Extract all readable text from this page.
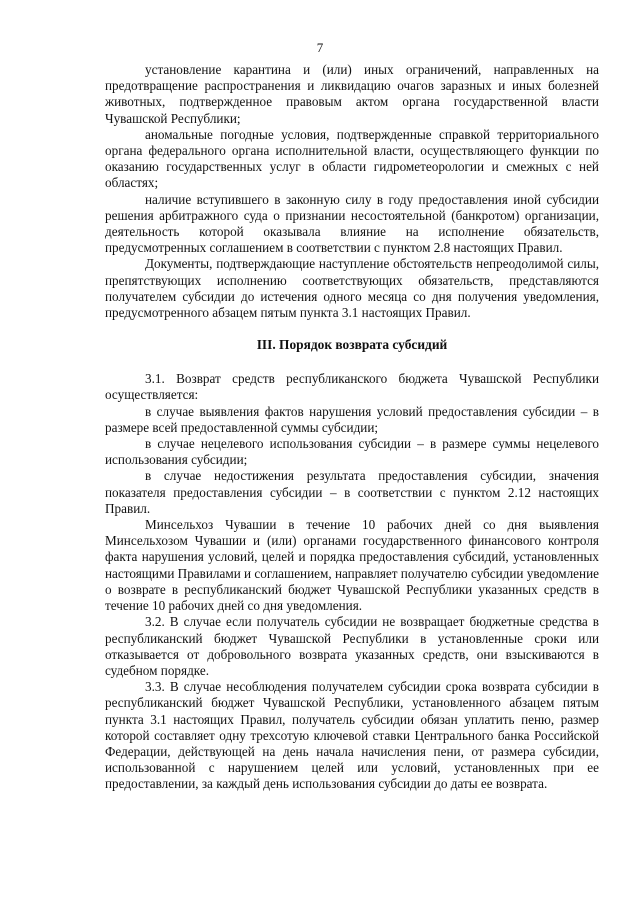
7

установление карантина и (или) иных ограничений, направленных на предотвращение распространения и ликвидацию очагов заразных и иных болезней животных, подтвержденное правовым актом органа государственной власти Чувашской Республики;

аномальные погодные условия, подтвержденные справкой территориального органа федерального органа исполнительной власти, осуществляющего функции по оказанию государственных услуг в области гидрометеорологии и смежных с ней областях;

наличие вступившего в законную силу в году предоставления иной субсидии решения арбитражного суда о признании несостоятельной (банкротом) организации, деятельность которой оказывала влияние на исполнение обязательств, предусмотренных соглашением в соответствии с пунктом 2.8 настоящих Правил.

Документы, подтверждающие наступление обстоятельств непреодолимой силы, препятствующих исполнению соответствующих обязательств, представляются получателем субсидии до истечения одного месяца со дня получения уведомления, предусмотренного абзацем пятым пункта 3.1 настоящих Правил.

III. Порядок возврата субсидий

3.1. Возврат средств республиканского бюджета Чувашской Республики осуществляется:

в случае выявления фактов нарушения условий предоставления субсидии – в размере всей предоставленной суммы субсидии;

в случае нецелевого использования субсидии – в размере суммы нецелевого использования субсидии;

в случае недостижения результата предоставления субсидии, значения показателя предоставления субсидии – в соответствии с пунктом 2.12 настоящих Правил.

Минсельхоз Чувашии в течение 10 рабочих дней со дня выявления Минсельхозом Чувашии и (или) органами государственного финансового контроля факта нарушения условий, целей и порядка предоставления субсидий, установленных настоящими Правилами и соглашением, направляет получателю субсидии уведомление о возврате в республиканский бюджет Чувашской Республики указанных средств в течение 10 рабочих дней со дня уведомления.

3.2. В случае если получатель субсидии не возвращает бюджетные средства в республиканский бюджет Чувашской Республики в установленные сроки или отказывается от добровольного возврата указанных средств, они взыскиваются в судебном порядке.

3.3. В случае несоблюдения получателем субсидии срока возврата субсидии в республиканский бюджет Чувашской Республики, установленного абзацем пятым пункта 3.1 настоящих Правил, получатель субсидии обязан уплатить пеню, размер которой составляет одну трехсотую ключевой ставки Центрального банка Российской Федерации, действующей на день начала начисления пени, от размера субсидии, использованной с нарушением целей или условий, установленных при ее предоставлении, за каждый день использования субсидии до даты ее возврата.
